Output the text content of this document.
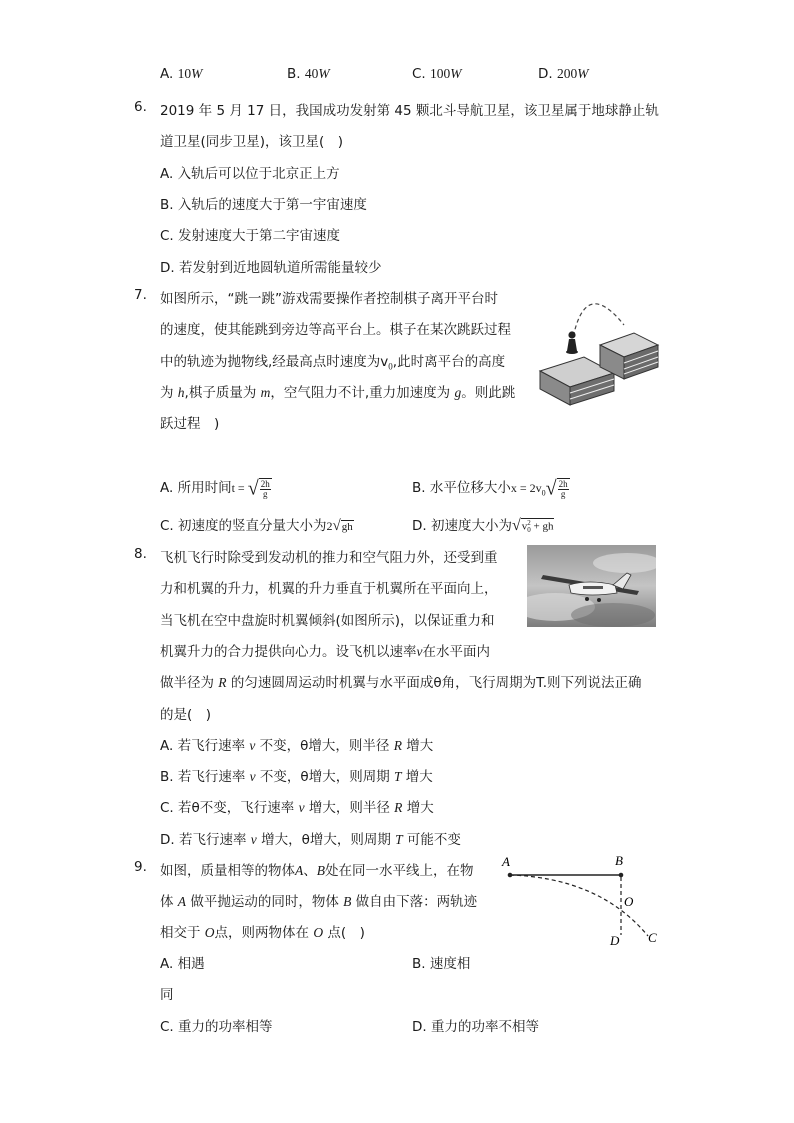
A. 10W	B. 40W	C. 100W	D. 200W
6. 2019 年 5 月 17 日，我国成功发射第 45 颗北斗导航卫星，该卫星属于地球静止轨
道卫星(同步卫星)，该卫星(　)
A. 入轨后可以位于北京正上方
B. 入轨后的速度大于第一宇宙速度
C. 发射速度大于第二宇宙速度
D. 若发射到近地圆轨道所需能量较少
7. 如图所示，“跳一跳”游戏需要操作者控制棋子离开平台时
的速度，使其能跳到旁边等高平台上。棋子在某次跳跃过程
中的轨迹为抛物线,经最高点时速度为$v_0$,此时离平台的高度
为 h,棋子质量为 m，空气阻力不计,重力加速度为 g。则此跳
跃过程　)
A. 所用时间t = √ $\frac{2h}{g}$	B. 水平位移大小$x = 2v_0√ \frac{2h}{g}$
C. 初速度的竖直分量大小为2√gh	D. 初速度大小为√v 2
0 + gh
8. 飞机飞行时除受到发动机的推力和空气阻力外，还受到重
力和机翼的升力，机翼的升力垂直于机翼所在平面向上，
当飞机在空中盘旋时机翼倾斜(如图所示)，以保证重力和
机翼升力的合力提供向心力。设飞机以速率v在水平面内
做半径为 R 的匀速圆周运动时机翼与水平面成θ角，飞行周期为T.则下列说法正确
的是(　)
A. 若飞行速率 v 不变，θ增大，则半径 R 增大
B. 若飞行速率 v 不变，θ增大，则周期 T 增大
C. 若θ不变，飞行速率 v 增大，则半径 R 增大
D. 若飞行速率 v 增大，θ增大，则周期 T 可能不变
9. 如图，质量相等的物体A、B处在同一水平线上，在物
体 A 做平抛运动的同时，物体 B 做自由下落：两轨迹
相交于 O点，则两物体在 O 点(　)
A	B
O
D C
A. 相遇	B. 速度相
同
C. 重力的功率相等	D. 重力的功率不相等
